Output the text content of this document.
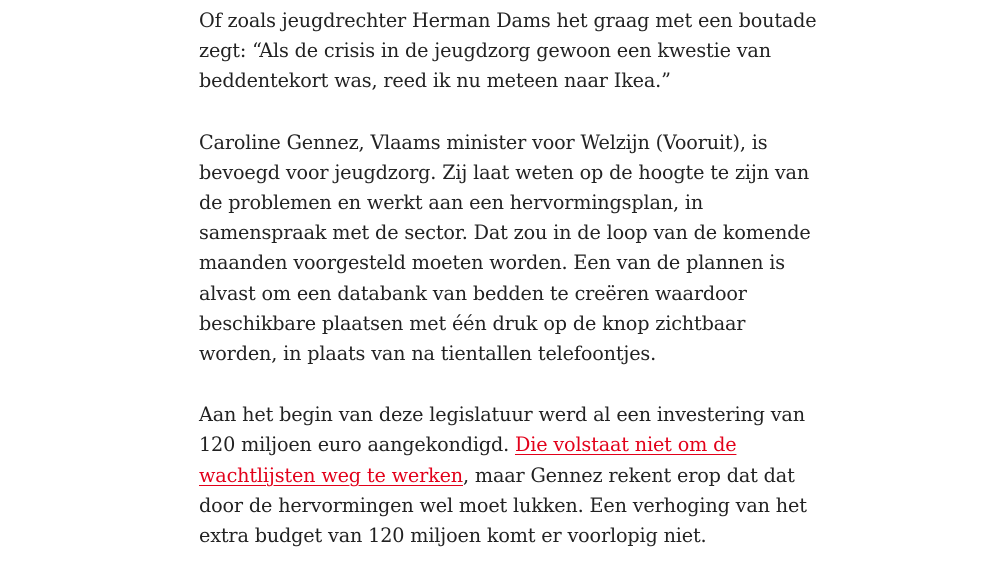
Of zoals jeugdrechter Herman Dams het graag met een boutade zegt: “Als de crisis in de jeugdzorg gewoon een kwestie van beddentekort was, reed ik nu meteen naar Ikea.”

Caroline Gennez, Vlaams minister voor Welzijn (Vooruit), is bevoegd voor jeugdzorg. Zij laat weten op de hoogte te zijn van de problemen en werkt aan een hervormingsplan, in samenspraak met de sector. Dat zou in de loop van de komende maanden voorgesteld moeten worden. Een van de plannen is alvast om een databank van bedden te creëren waardoor beschikbare plaatsen met één druk op de knop zichtbaar worden, in plaats van na tientallen telefoontjes.

Aan het begin van deze legislatuur werd al een investering van 120 miljoen euro aangekondigd. Die volstaat niet om de wachtlijsten weg te werken, maar Gennez rekent erop dat dat door de hervormingen wel moet lukken. Een verhoging van het extra budget van 120 miljoen komt er voorlopig niet.
